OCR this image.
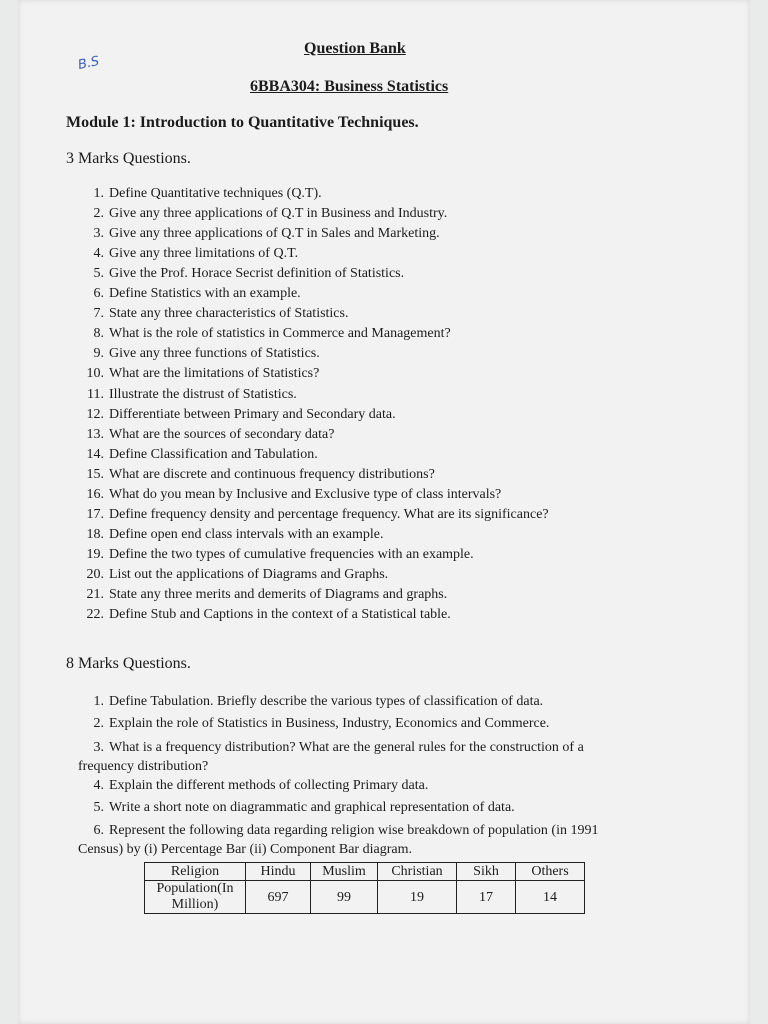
Question Bank
B.S
6BBA304: Business Statistics
Module 1: Introduction to Quantitative Techniques.
3 Marks Questions.
1. Define Quantitative techniques (Q.T).
2. Give any three applications of Q.T in Business and Industry.
3. Give any three applications of Q.T in Sales and Marketing.
4. Give any three limitations of Q.T.
5. Give the Prof. Horace Secrist definition of Statistics.
6. Define Statistics with an example.
7. State any three characteristics of Statistics.
8. What is the role of statistics in Commerce and Management?
9. Give any three functions of Statistics.
10. What are the limitations of Statistics?
11. Illustrate the distrust of Statistics.
12. Differentiate between Primary and Secondary data.
13. What are the sources of secondary data?
14. Define Classification and Tabulation.
15. What are discrete and continuous frequency distributions?
16. What do you mean by Inclusive and Exclusive type of class intervals?
17. Define frequency density and percentage frequency. What are its significance?
18. Define open end class intervals with an example.
19. Define the two types of cumulative frequencies with an example.
20. List out the applications of Diagrams and Graphs.
21. State any three merits and demerits of Diagrams and graphs.
22. Define Stub and Captions in the context of a Statistical table.
8 Marks Questions.
1. Define Tabulation. Briefly describe the various types of classification of data.
2. Explain the role of Statistics in Business, Industry, Economics and Commerce.
3. What is a frequency distribution? What are the general rules for the construction of a frequency distribution?
4. Explain the different methods of collecting Primary data.
5. Write a short note on diagrammatic and graphical representation of data.
6. Represent the following data regarding religion wise breakdown of population (in 1991 Census) by (i) Percentage Bar (ii) Component Bar diagram.
Religion	Hindu	Muslim	Christian	Sikh	Others
Population(In Million)	697	99	19	17	14
